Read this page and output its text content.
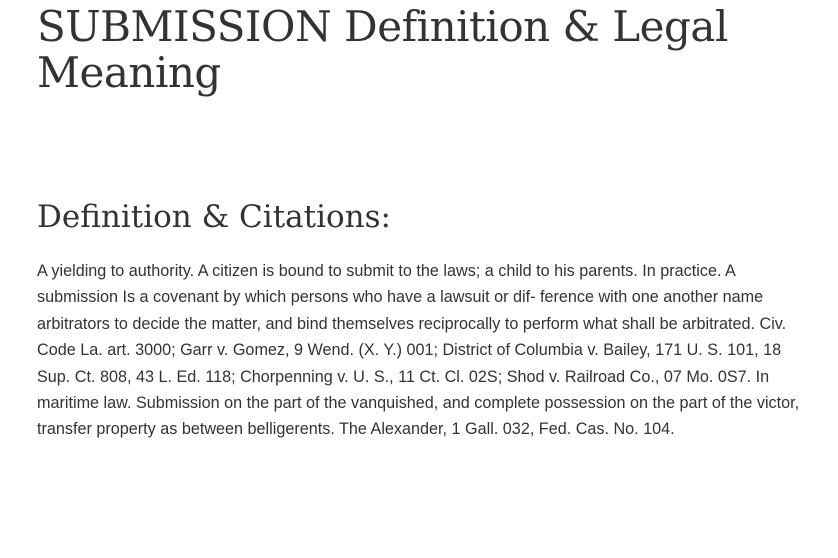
SUBMISSION Definition & Legal Meaning
Definition & Citations:

A yielding to authority. A citizen is bound to submit to the laws; a child to his parents. In practice. A submission Is a covenant by which persons who have a lawsuit or dif- ference with one another name arbitrators to decide the matter, and bind themselves reciprocally to perform what shall be arbitrated. Civ. Code La. art. 3000; Garr v. Gomez, 9 Wend. (X. Y.) 001; District of Columbia v. Bailey, 171 U. S. 101, 18 Sup. Ct. 808, 43 L. Ed. 118; Chorpenning v. U. S., 11 Ct. Cl. 02S; Shod v. Railroad Co., 07 Mo. 0S7. In maritime law. Submission on the part of the vanquished, and complete possession on the part of the victor, transfer property as between belligerents. The Alexander, 1 Gall. 032, Fed. Cas. No. 104.
